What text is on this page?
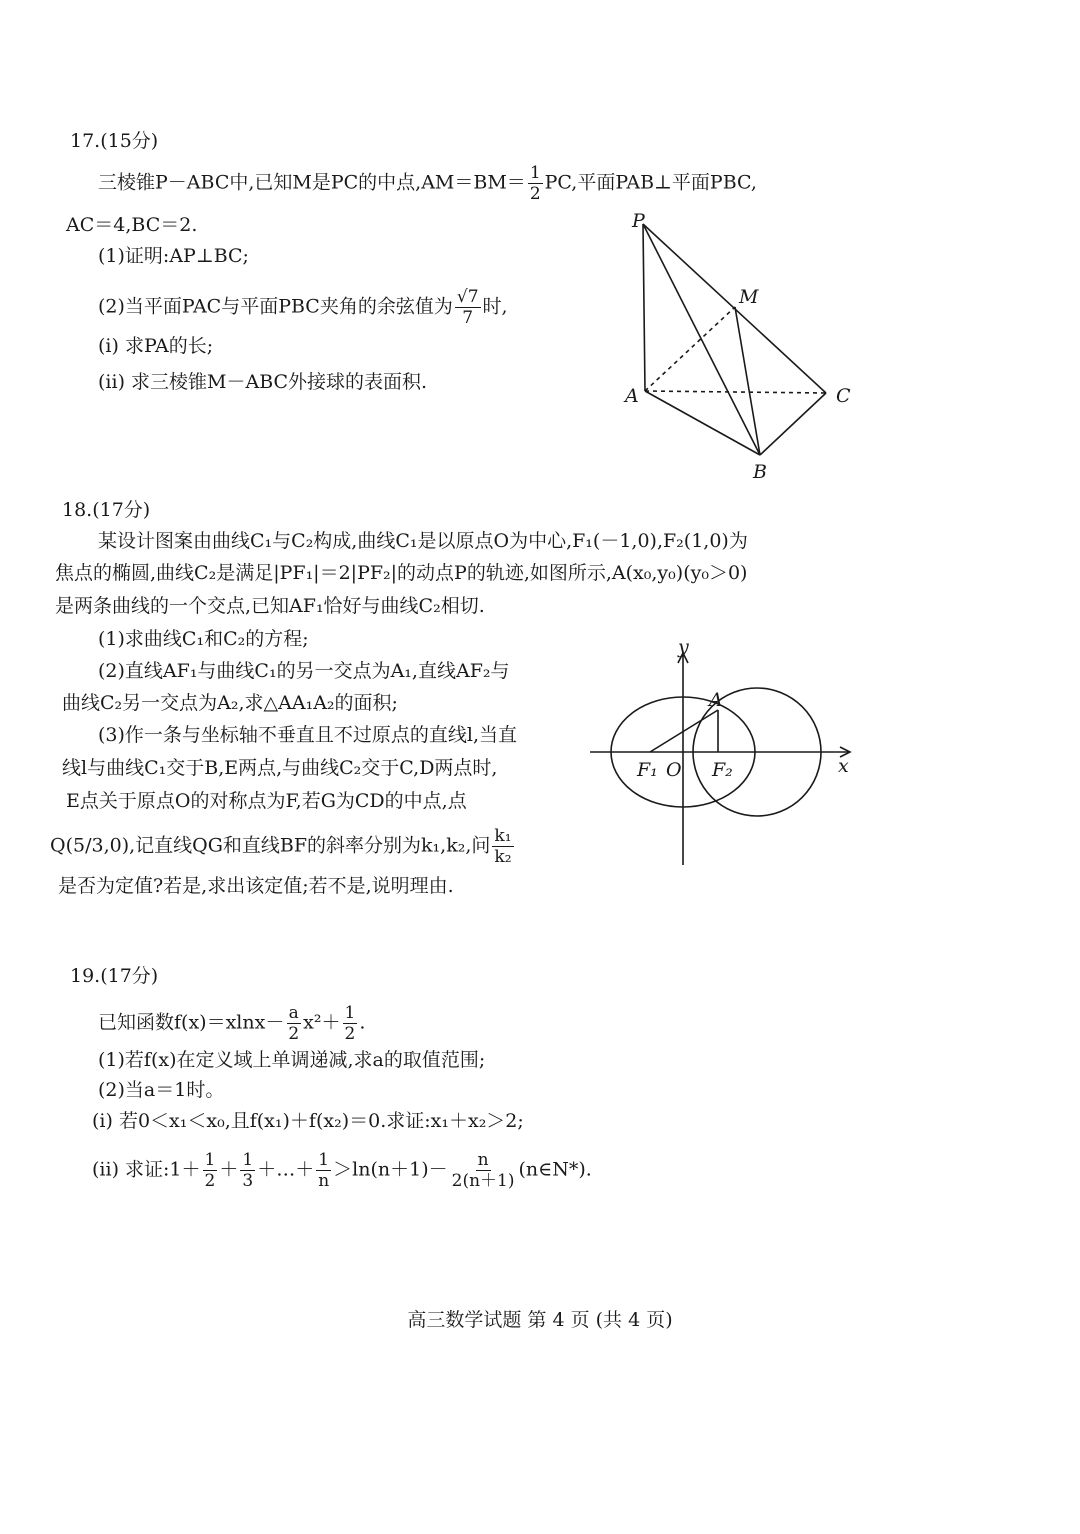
17.(15分)
三棱锥P－ABC中,已知M是PC的中点$,AM=BM= \frac{1}{2}$ PC,平面PAB⊥平面PBC,
AC＝4,BC＝2.
(1)证明:AP⊥BC;
(2)当平面PAC与平面PBC夹角的余弦值为 $\frac{√7}{7}$ 时,
(i) 求PA的长;
(ii) 求三棱锥M－ABC外接球的表面积.
P
M
A	C
B
18.(17分)
某设计图案由曲线C₁与C₂构成,曲线C₁是以原点O为中心,F₁(－1,0),F₂(1,0)为
焦点的椭圆,曲线C₂是满足|PF₁|＝2|PF₂|的动点P的轨迹,如图所示,A(x₀,y₀)(y₀＞0)
是两条曲线的一个交点,已知AF₁恰好与曲线C₂相切.
(1)求曲线C₁和C₂的方程;
(2)直线AF₁与曲线C₁的另一交点为A₁,直线AF₂与
曲线C₂另一交点为A₂,求△AA₁A₂的面积;
(3)作一条与坐标轴不垂直且不过原点的直线l,当直
线l与曲线C₁交于B,E两点,与曲线C₂交于C,D两点时,
E点关于原点O的对称点为F,若G为CD的中点,点
Q(5/3,0),记直线QG和直线BF的斜率分别为k₁,k₂,问 $\frac{\text{k₁}}{\text{k₂}}$
是否为定值?若是,求出该定值;若不是,说明理由.
y
x
A
F₁ O F₂
19.(17分)
已知函数$f(x)=xlnx- \frac{a}{2} x^2+ \frac{1}{2}$ .
(1)若f(x)在定义域上单调递减,求a的取值范围;
(2)当a＝1时。
(i) 若0＜x₁＜x₀,且f(x₁)＋f(x₂)＝0.求证:x₁＋x₂＞2;
(ii) 求证:1＋ $\frac{1}{2} + \frac{1}{3}$ ＋…＋ $\frac{1}{n} >\ln(n+1)- \frac{n}{2(n+1)}$ (n∈N*).
高三数学试题 第 4 页 (共 4 页)
